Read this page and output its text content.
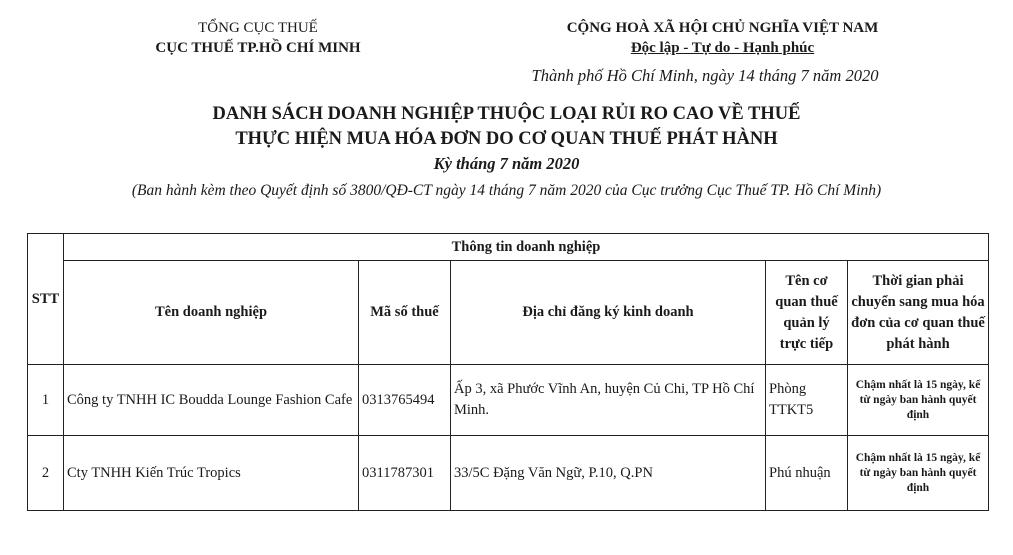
TỔNG CỤC THUẾ
CỤC THUẾ TP.HỒ CHÍ MINH
CỘNG HOÀ XÃ HỘI CHỦ NGHĨA VIỆT NAM
Độc lập - Tự do - Hạnh phúc
Thành phố Hồ Chí Minh, ngày 14 tháng 7 năm 2020
DANH SÁCH DOANH NGHIỆP THUỘC LOẠI RỦI RO CAO VỀ THUẾ
THỰC HIỆN MUA HÓA ĐƠN DO CƠ QUAN THUẾ PHÁT HÀNH
Kỳ tháng 7 năm 2020
(Ban hành kèm theo Quyết định số 3800/QĐ-CT ngày 14 tháng 7 năm 2020 của Cục trưởng Cục Thuế TP. Hồ Chí Minh)
STT	Thông tin doanh nghiệp				
	Tên doanh nghiệp	Mã số thuế	Địa chỉ đăng ký kinh doanh	Tên cơ quan thuế quản lý trực tiếp	Thời gian phải chuyển sang mua hóa đơn của cơ quan thuế phát hành
1	Công ty TNHH IC Boudda Lounge Fashion Cafe	0313765494	Ấp 3, xã Phước Vĩnh An, huyện Củ Chi, TP Hồ Chí Minh.	Phòng TTKT5	Chậm nhất là 15 ngày, kể từ ngày ban hành quyết định
2	Cty TNHH Kiến Trúc Tropics	0311787301	33/5C Đặng Văn Ngữ, P.10, Q.PN	Phú nhuận	Chậm nhất là 15 ngày, kể từ ngày ban hành quyết định
